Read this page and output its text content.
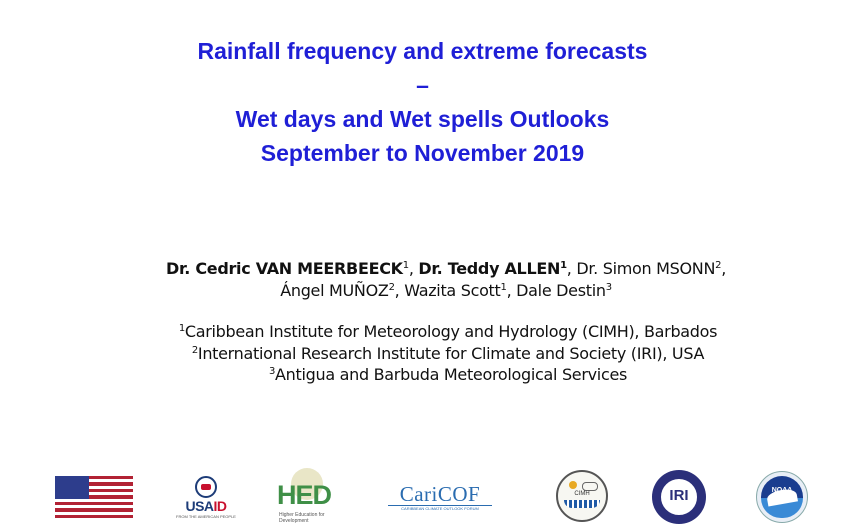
Rainfall frequency and extreme forecasts
–
Wet days and Wet spells Outlooks
September to November 2019
Dr. Cedric VAN MEERBEECK$^1$, Dr. Teddy ALLEN$^1$, Dr. Simon MSONN$^2$,
Ángel MUÑOZ$^2$, Wazita Scott$^1$, Dale Destin$^3$
$^1$Caribbean Institute for Meteorology and Hydrology (CIMH), Barbados
$^2$International Research Institute for Climate and Society (IRI), USA
$^3$Antigua and Barbuda Meteorological Services
USAID
FROM THE AMERICAN PEOPLE
HED
Higher Education for Development
CariCOF
CARIBBEAN CLIMATE OUTLOOK FORUM
CIMH	IRI	NOAA
